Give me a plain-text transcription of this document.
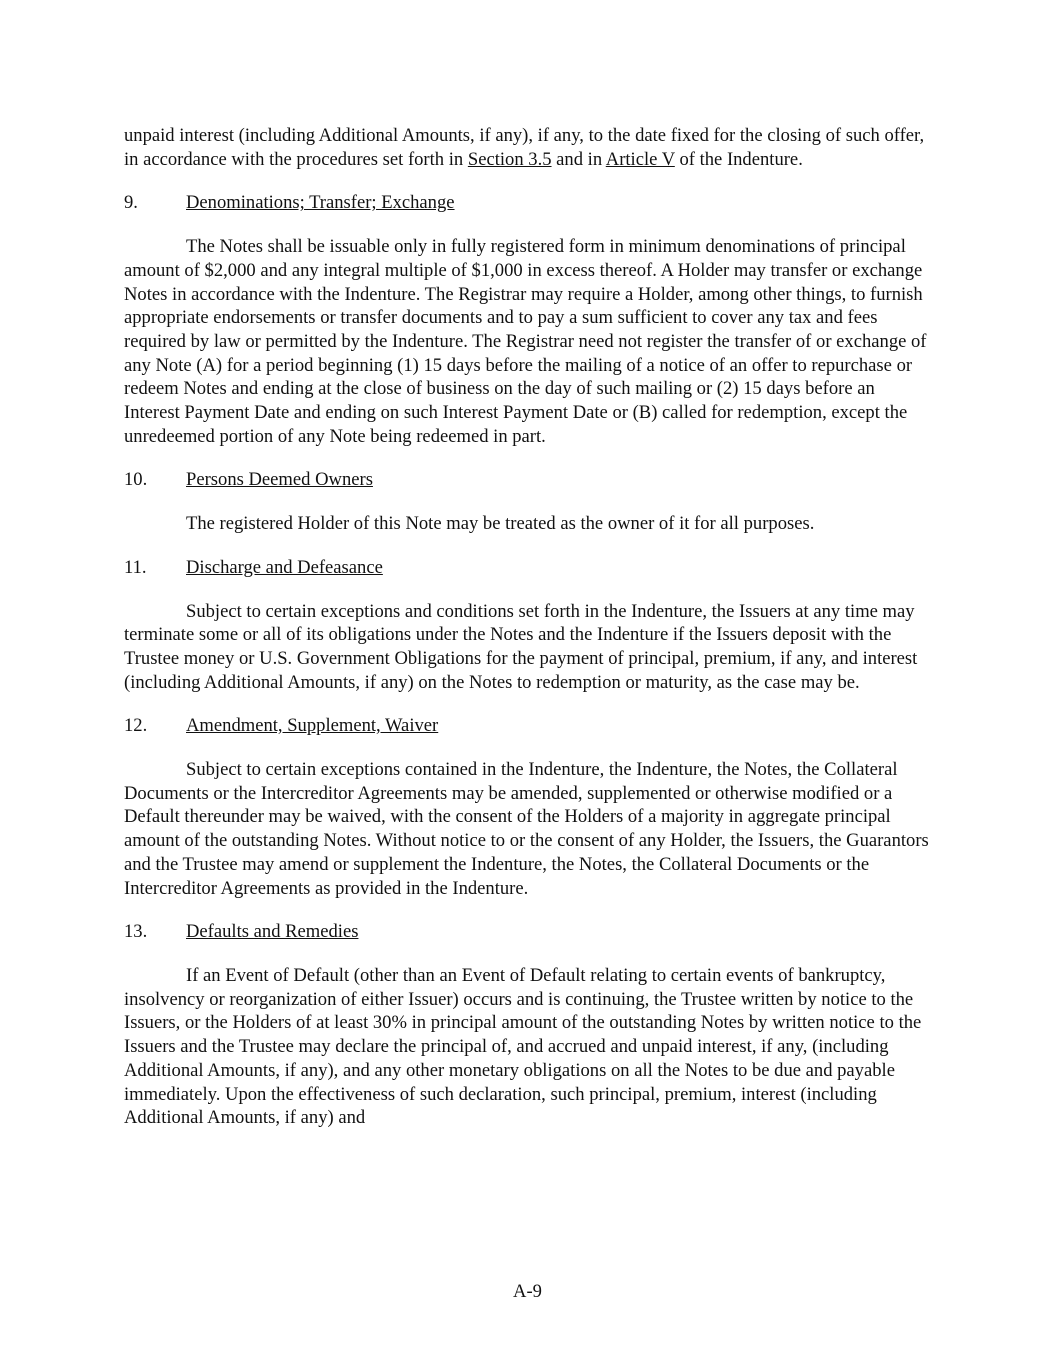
unpaid interest (including Additional Amounts, if any), if any, to the date fixed for the closing of such offer, in accordance with the procedures set forth in Section 3.5 and in Article V of the Indenture.

9.	Denominations; Transfer; Exchange

The Notes shall be issuable only in fully registered form in minimum denominations of principal amount of $2,000 and any integral multiple of $1,000 in excess thereof. A Holder may transfer or exchange Notes in accordance with the Indenture. The Registrar may require a Holder, among other things, to furnish appropriate endorsements or transfer documents and to pay a sum sufficient to cover any tax and fees required by law or permitted by the Indenture. The Registrar need not register the transfer of or exchange of any Note (A) for a period beginning (1) 15 days before the mailing of a notice of an offer to repurchase or redeem Notes and ending at the close of business on the day of such mailing or (2) 15 days before an Interest Payment Date and ending on such Interest Payment Date or (B) called for redemption, except the unredeemed portion of any Note being redeemed in part.

10.	Persons Deemed Owners

The registered Holder of this Note may be treated as the owner of it for all purposes.

11.	Discharge and Defeasance

Subject to certain exceptions and conditions set forth in the Indenture, the Issuers at any time may terminate some or all of its obligations under the Notes and the Indenture if the Issuers deposit with the Trustee money or U.S. Government Obligations for the payment of principal, premium, if any, and interest (including Additional Amounts, if any) on the Notes to redemption or maturity, as the case may be.

12.	Amendment, Supplement, Waiver

Subject to certain exceptions contained in the Indenture, the Indenture, the Notes, the Collateral Documents or the Intercreditor Agreements may be amended, supplemented or otherwise modified or a Default thereunder may be waived, with the consent of the Holders of a majority in aggregate principal amount of the outstanding Notes. Without notice to or the consent of any Holder, the Issuers, the Guarantors and the Trustee may amend or supplement the Indenture, the Notes, the Collateral Documents or the Intercreditor Agreements as provided in the Indenture.

13.	Defaults and Remedies

If an Event of Default (other than an Event of Default relating to certain events of bankruptcy, insolvency or reorganization of either Issuer) occurs and is continuing, the Trustee written by notice to the Issuers, or the Holders of at least 30% in principal amount of the outstanding Notes by written notice to the Issuers and the Trustee may declare the principal of, and accrued and unpaid interest, if any, (including Additional Amounts, if any), and any other monetary obligations on all the Notes to be due and payable immediately. Upon the effectiveness of such declaration, such principal, premium, interest (including Additional Amounts, if any) and

A-9
